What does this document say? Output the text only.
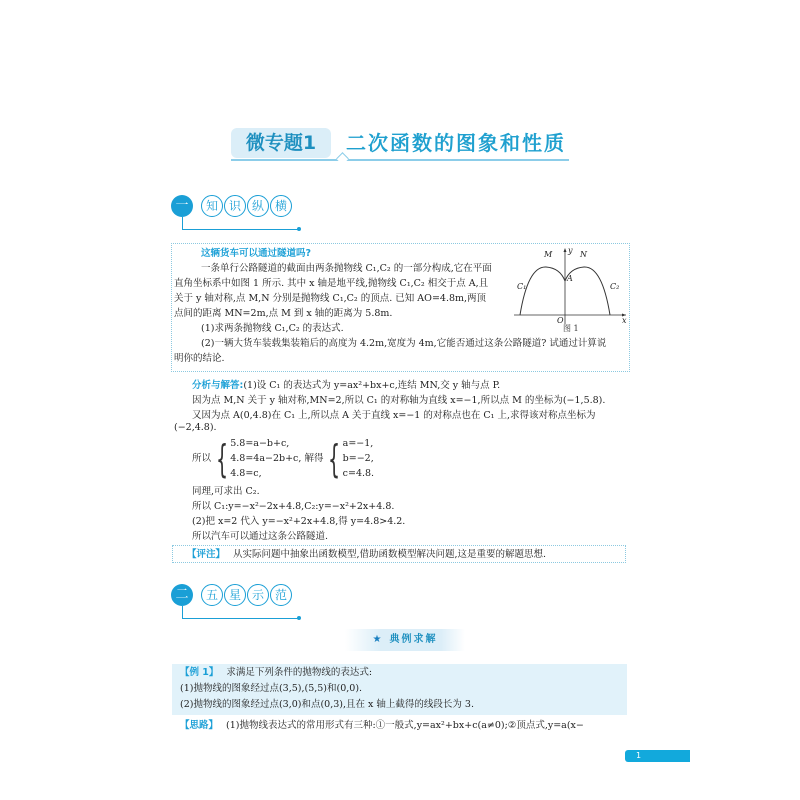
微专题1	二次函数的图象和性质
一	知 识 纵 横
这辆货车可以通过隧道吗?
一条单行公路隧道的截面由两条抛物线 C₁,C₂ 的一部分构成,它在平面
直角坐标系中如图 1 所示. 其中 x 轴是地平线,抛物线 C₁,C₂ 相交于点 A,且
关于 y 轴对称,点 M,N 分别是抛物线 C₁,C₂ 的顶点. 已知 AO=4.8m,两顶
点间的距离 MN=2m,点 M 到 x 轴的距离为 5.8m.
(1)求两条抛物线 C₁,C₂ 的表达式.
(2)一辆大货车装载集装箱后的高度为 4.2m,宽度为 4m,它能否通过这条公路隧道? 试通过计算说
明你的结论.
M	N
y
A
C₁	C₂
O	x
图 1
分析与解答:(1)设 C₁ 的表达式为 y=ax²+bx+c,连结 MN,交 y 轴与点 P.
因为点 M,N 关于 y 轴对称,MN=2,所以 C₁ 的对称轴为直线 x=−1,所以点 M 的坐标为(−1,5.8).
又因为点 A(0,4.8)在 C₁ 上,所以点 A 关于直线 x=−1 的对称点也在 C₁ 上,求得该对称点坐标为
(−2,4.8).
所以 { 5.8=a−b+c,
4.8=4a−2b+c,
4.8=c,
解得 { a=−1,
b=−2,
c=4.8.
同理,可求出 C₂.
所以 C₁:y=−x²−2x+4.8,C₂:y=−x²+2x+4.8.
(2)把 x=2 代入 y=−x²+2x+4.8,得 y=4.8>4.2.
所以汽车可以通过这条公路隧道.
【评注】 从实际问题中抽象出函数模型,借助函数模型解决问题,这是重要的解题思想.
二	五 星 示 范
★ 典例求解
【例 1】 求满足下列条件的抛物线的表达式:
(1)抛物线的图象经过点(3,5),(5,5)和(0,0).
(2)抛物线的图象经过点(3,0)和点(0,3),且在 x 轴上截得的线段长为 3.
【思路】 (1)抛物线表达式的常用形式有三种:①一般式,y=ax²+bx+c(a≠0);②顶点式,y=a(x−
1
